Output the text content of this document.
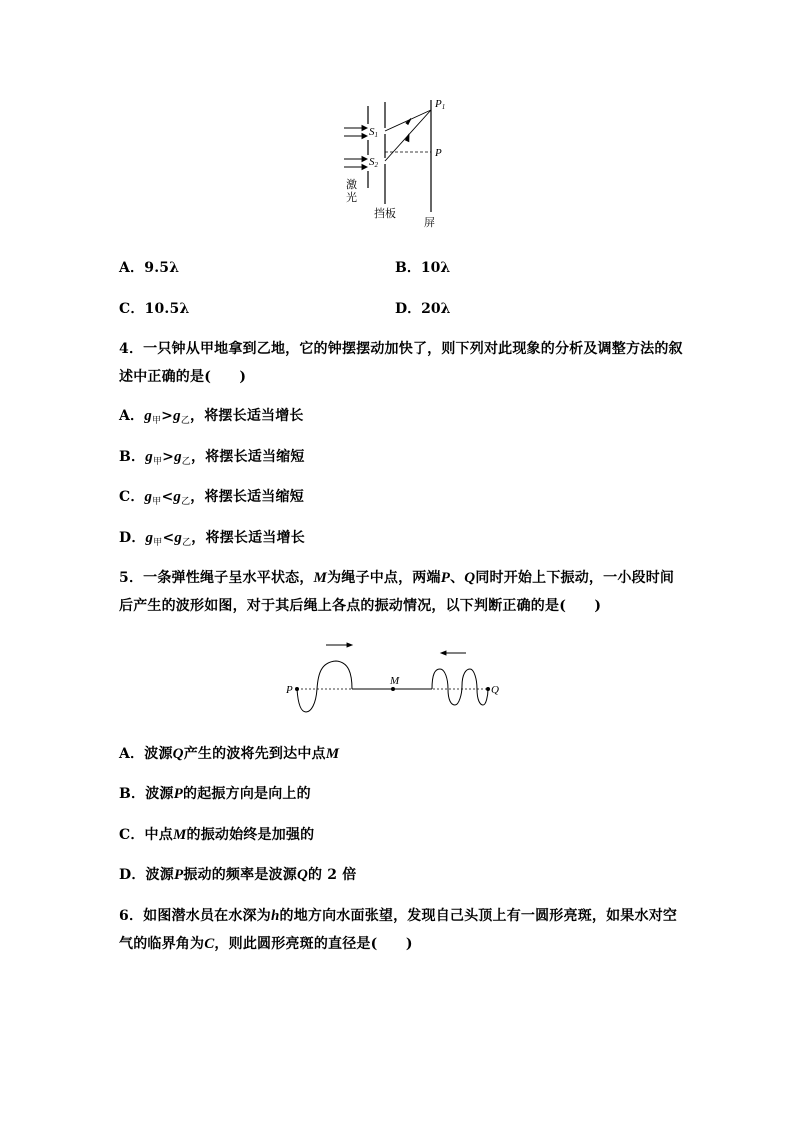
S1
S2
P1
P
激
光
挡板
屏
A．9.5λ	B．10λ
C．10.5λ	D．20λ
4．一只钟从甲地拿到乙地，它的钟摆摆动加快了，则下列对此现象的分析及调整方法的叙
述中正确的是(　　)
A．$g_甲>g_乙$，将摆长适当增长
B．$g_甲>g_乙$，将摆长适当缩短
C．$g_甲<g_乙$，将摆长适当缩短
D．$g_甲<g_乙$，将摆长适当增长
5．一条弹性绳子呈水平状态，M为绳子中点，两端P、Q同时开始上下振动，一小段时间
后产生的波形如图，对于其后绳上各点的振动情况，以下判断正确的是(　　)
P
M
Q
A．波源Q产生的波将先到达中点M
B．波源P的起振方向是向上的
C．中点M的振动始终是加强的
D．波源P振动的频率是波源Q的 2 倍
6．如图潜水员在水深为h的地方向水面张望，发现自己头顶上有一圆形亮斑，如果水对空
气的临界角为C，则此圆形亮斑的直径是(　　)
